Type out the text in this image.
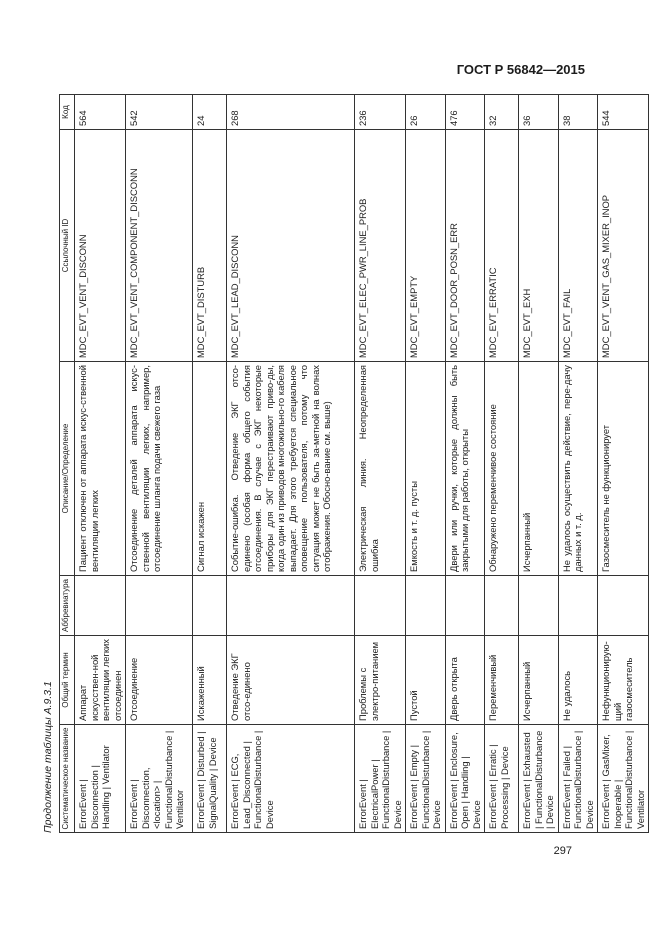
ГОСТ Р 56842—2015
Продолжение таблицы А.9.3.1 Систематическое название	Общий термин	Аббревиатура	Описание/Определение	Ссылочный ID	Код
ErrorEvent | Disconnection | Handling | Ventilator	Аппарат искусствен-ной вентиляции легких отсоединен		Пациент отключен от аппарата искус-ственной вентиляции легких	MDC_EVT_VENT_DISCONN	564
ErrorEvent | Disconnection, <location> | FunctionalDisturbance | Ventilator	Отсоединение		Отсоединение деталей аппарата искус-ственной вентиляции легких, например, отсоединение шланга подачи свежего газа	MDC_EVT_VENT_COMPONENT_DISCONN	542
ErrorEvent | Disturbed | SignalQuality | Device	Искаженный		Сигнал искажен	MDC_EVT_DISTURB	24
ErrorEvent | ECG, Lead_Disconnected | FunctionalDisturbance | Device	Отведение ЭКГ отсо-единено		Событие-ошибка. Отведение ЭКГ отсо-единено (особая форма общего события отсоединения. В случае с ЭКГ некоторые приборы для ЭКГ перестраивают приво-ды, когда один из приводов многожильно-го кабеля выпадает. Для этого требуется специальное оповещение пользователя, потому что ситуация может не быть за-метной на волнах отображения. Обосно-вание см. выше)	MDC_EVT_LEAD_DISCONN	268
ErrorEvent | ElectricalPower | FunctionalDisturbance | Device	Проблемы с электро-питанием		Электрическая линия. Неопределенная ошибка	MDC_EVT_ELEC_PWR_LINE_PROB	236
ErrorEvent | Empty | FunctionalDisturbance | Device	Пустой		Емкость и т. д. пусты	MDC_EVT_EMPTY	26
ErrorEvent | Enclosure, Open | Handling | Device	Дверь открыта		Двери или ручки, которые должны быть закрытыми для работы, открыты	MDC_EVT_DOOR_POSN_ERR	476
ErrorEvent | Erratic | Processing | Device	Переменчивый		Обнаружено переменчивое состояние	MDC_EVT_ERRATIC	32
ErrorEvent | Exhausted | FunctionalDisturbance | Device	Исчерпанный		Исчерпанный	MDC_EVT_EXH	36
ErrorEvent | Failed | FunctionalDisturbance | Device	Не удалось		Не удалось осуществить действие, пере-дачу данных и т. д.	MDC_EVT_FAIL	38
ErrorEvent | GasMixer, Inoperable | FunctionalDisturbance | Ventilator	Нефункционирую-щий газосмеситель		Газосмеситель не функционирует	MDC_EVT_VENT_GAS_MIXER_INOP	544
297
